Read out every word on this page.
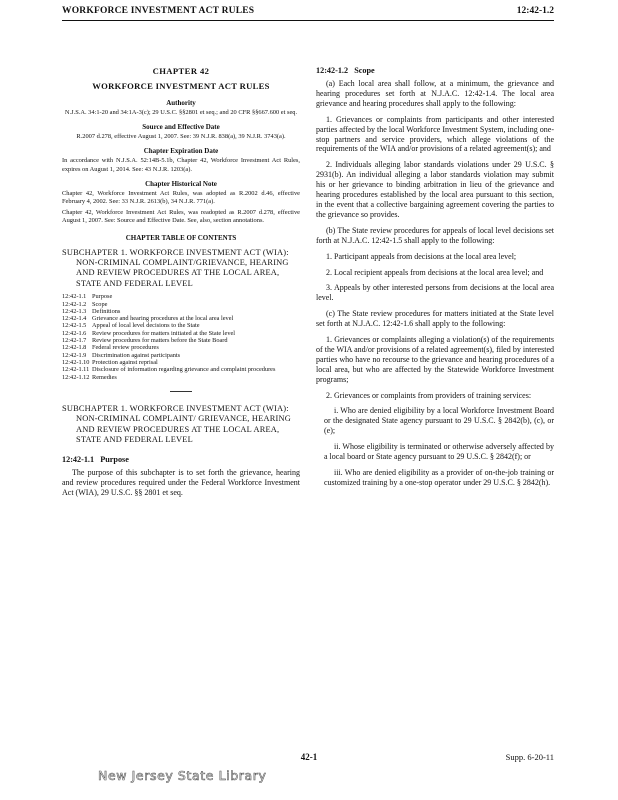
WORKFORCE INVESTMENT ACT RULES	12:42-1.2
CHAPTER 42
WORKFORCE INVESTMENT ACT RULES
Authority
N.J.S.A. 34:1-20 and 34:1A-3(c); 29 U.S.C. §§2801 et seq.; and 20 CFR §§667.600 et seq.
Source and Effective Date
R.2007 d.278, effective August 1, 2007. See: 39 N.J.R. 838(a), 39 N.J.R. 3743(a).
Chapter Expiration Date
In accordance with N.J.S.A. 52:14B-5.1b, Chapter 42, Workforce Investment Act Rules, expires on August 1, 2014. See: 43 N.J.R. 1203(a).
Chapter Historical Note
Chapter 42, Workforce Investment Act Rules, was adopted as R.2002 d.46, effective February 4, 2002. See: 33 N.J.R. 2613(b), 34 N.J.R. 771(a).
Chapter 42, Workforce Investment Act Rules, was readopted as R.2007 d.278, effective August 1, 2007. See: Source and Effective Date. See, also, section annotations.
CHAPTER TABLE OF CONTENTS
SUBCHAPTER 1. WORKFORCE INVESTMENT ACT (WIA): NON-CRIMINAL COMPLAINT/GRIEVANCE, HEARING AND REVIEW PROCEDURES AT THE LOCAL AREA, STATE AND FEDERAL LEVEL
12:42-1.1	Purpose
12:42-1.2	Scope
12:42-1.3	Definitions
12:42-1.4	Grievance and hearing procedures at the local area level
12:42-1.5	Appeal of local level decisions to the State
12:42-1.6	Review procedures for matters initiated at the State level
12:42-1.7	Review procedures for matters before the State Board
12:42-1.8	Federal review procedures
12:42-1.9	Discrimination against participants
12:42-1.10	Protection against reprisal
12:42-1.11	Disclosure of information regarding grievance and complaint procedures
12:42-1.12	Remedies
SUBCHAPTER 1. WORKFORCE INVESTMENT ACT (WIA): NON-CRIMINAL COMPLAINT/ GRIEVANCE, HEARING AND REVIEW PROCEDURES AT THE LOCAL AREA, STATE AND FEDERAL LEVEL
12:42-1.1 Purpose

The purpose of this subchapter is to set forth the grievance, hearing and review procedures required under the Federal Workforce Investment Act (WIA), 29 U.S.C. §§ 2801 et seq.

12:42-1.2 Scope

(a) Each local area shall follow, at a minimum, the grievance and hearing procedures set forth at N.J.A.C. 12:42-1.4. The local area grievance and hearing procedures shall apply to the following:

1. Grievances or complaints from participants and other interested parties affected by the local Workforce Investment System, including one-stop partners and service providers, which allege violations of the requirements of the WIA and/or provisions of a related agreement(s); and

2. Individuals alleging labor standards violations under 29 U.S.C. § 2931(b). An individual alleging a labor standards violation may submit his or her grievance to binding arbitration in lieu of the grievance and hearing procedures established by the local area pursuant to this section, in the event that a collective bargaining agreement covering the parties to the grievance so provides.

(b) The State review procedures for appeals of local level decisions set forth at N.J.A.C. 12:42-1.5 shall apply to the following:

1. Participant appeals from decisions at the local area level;

2. Local recipient appeals from decisions at the local area level; and

3. Appeals by other interested persons from decisions at the local area level.

(c) The State review procedures for matters initiated at the State level set forth at N.J.A.C. 12:42-1.6 shall apply to the following:

1. Grievances or complaints alleging a violation(s) of the requirements of the WIA and/or provisions of a related agreement(s), filed by interested parties who have no recourse to the grievance and hearing procedures of a local area, but who are affected by the Statewide Workforce Investment programs;

2. Grievances or complaints from providers of training services:

i. Who are denied eligibility by a local Workforce Investment Board or the designated State agency pursuant to 29 U.S.C. § 2842(b), (c), or (e);

ii. Whose eligibility is terminated or otherwise adversely affected by a local board or State agency pursuant to 29 U.S.C. § 2842(f); or

iii. Who are denied eligibility as a provider of on-the-job training or customized training by a one-stop operator under 29 U.S.C. § 2842(h).

42-1	Supp. 6-20-11
New Jersey State Library
